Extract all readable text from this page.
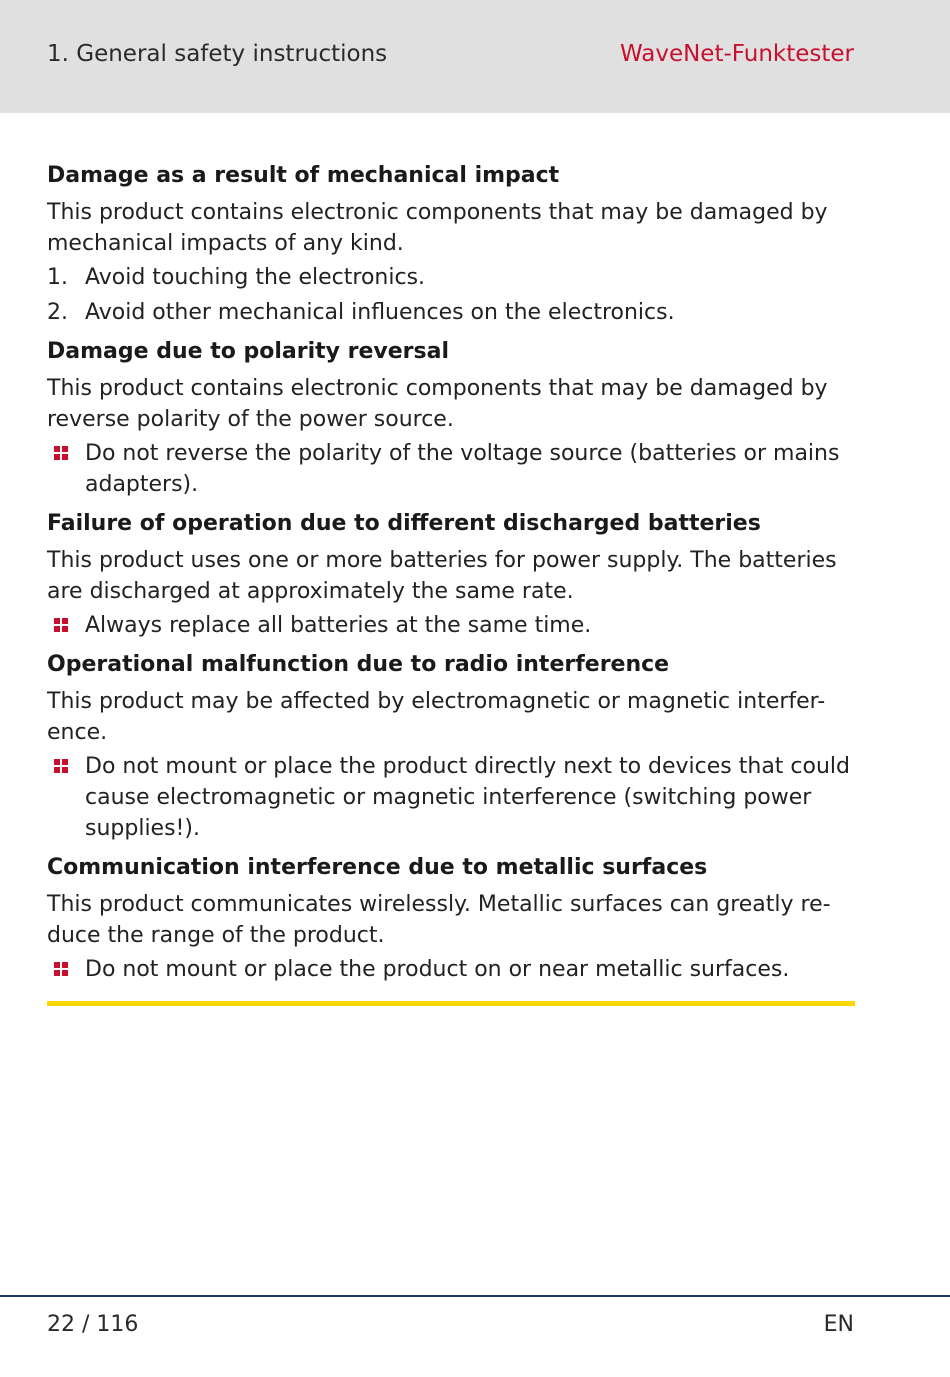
1. General safety instructions	WaveNet-Funktester
Damage as a result of mechanical impact

This product contains electronic components that may be damaged by mechanical impacts of any kind.

1. Avoid touching the electronics.
2. Avoid other mechanical influences on the electronics.
Damage due to polarity reversal

This product contains electronic components that may be damaged by reverse polarity of the power source.

Do not reverse the polarity of the voltage source (batteries or mains adapters).
Failure of operation due to different discharged batteries

This product uses one or more batteries for power supply. The batteries are discharged at approximately the same rate.

Always replace all batteries at the same time.
Operational malfunction due to radio interference

This product may be affected by electromagnetic or magnetic interfer-ence.

Do not mount or place the product directly next to devices that could cause electromagnetic or magnetic interference (switching power supplies!).
Communication interference due to metallic surfaces

This product communicates wirelessly. Metallic surfaces can greatly re-duce the range of the product.

Do not mount or place the product on or near metallic surfaces.
22 / 116	EN
